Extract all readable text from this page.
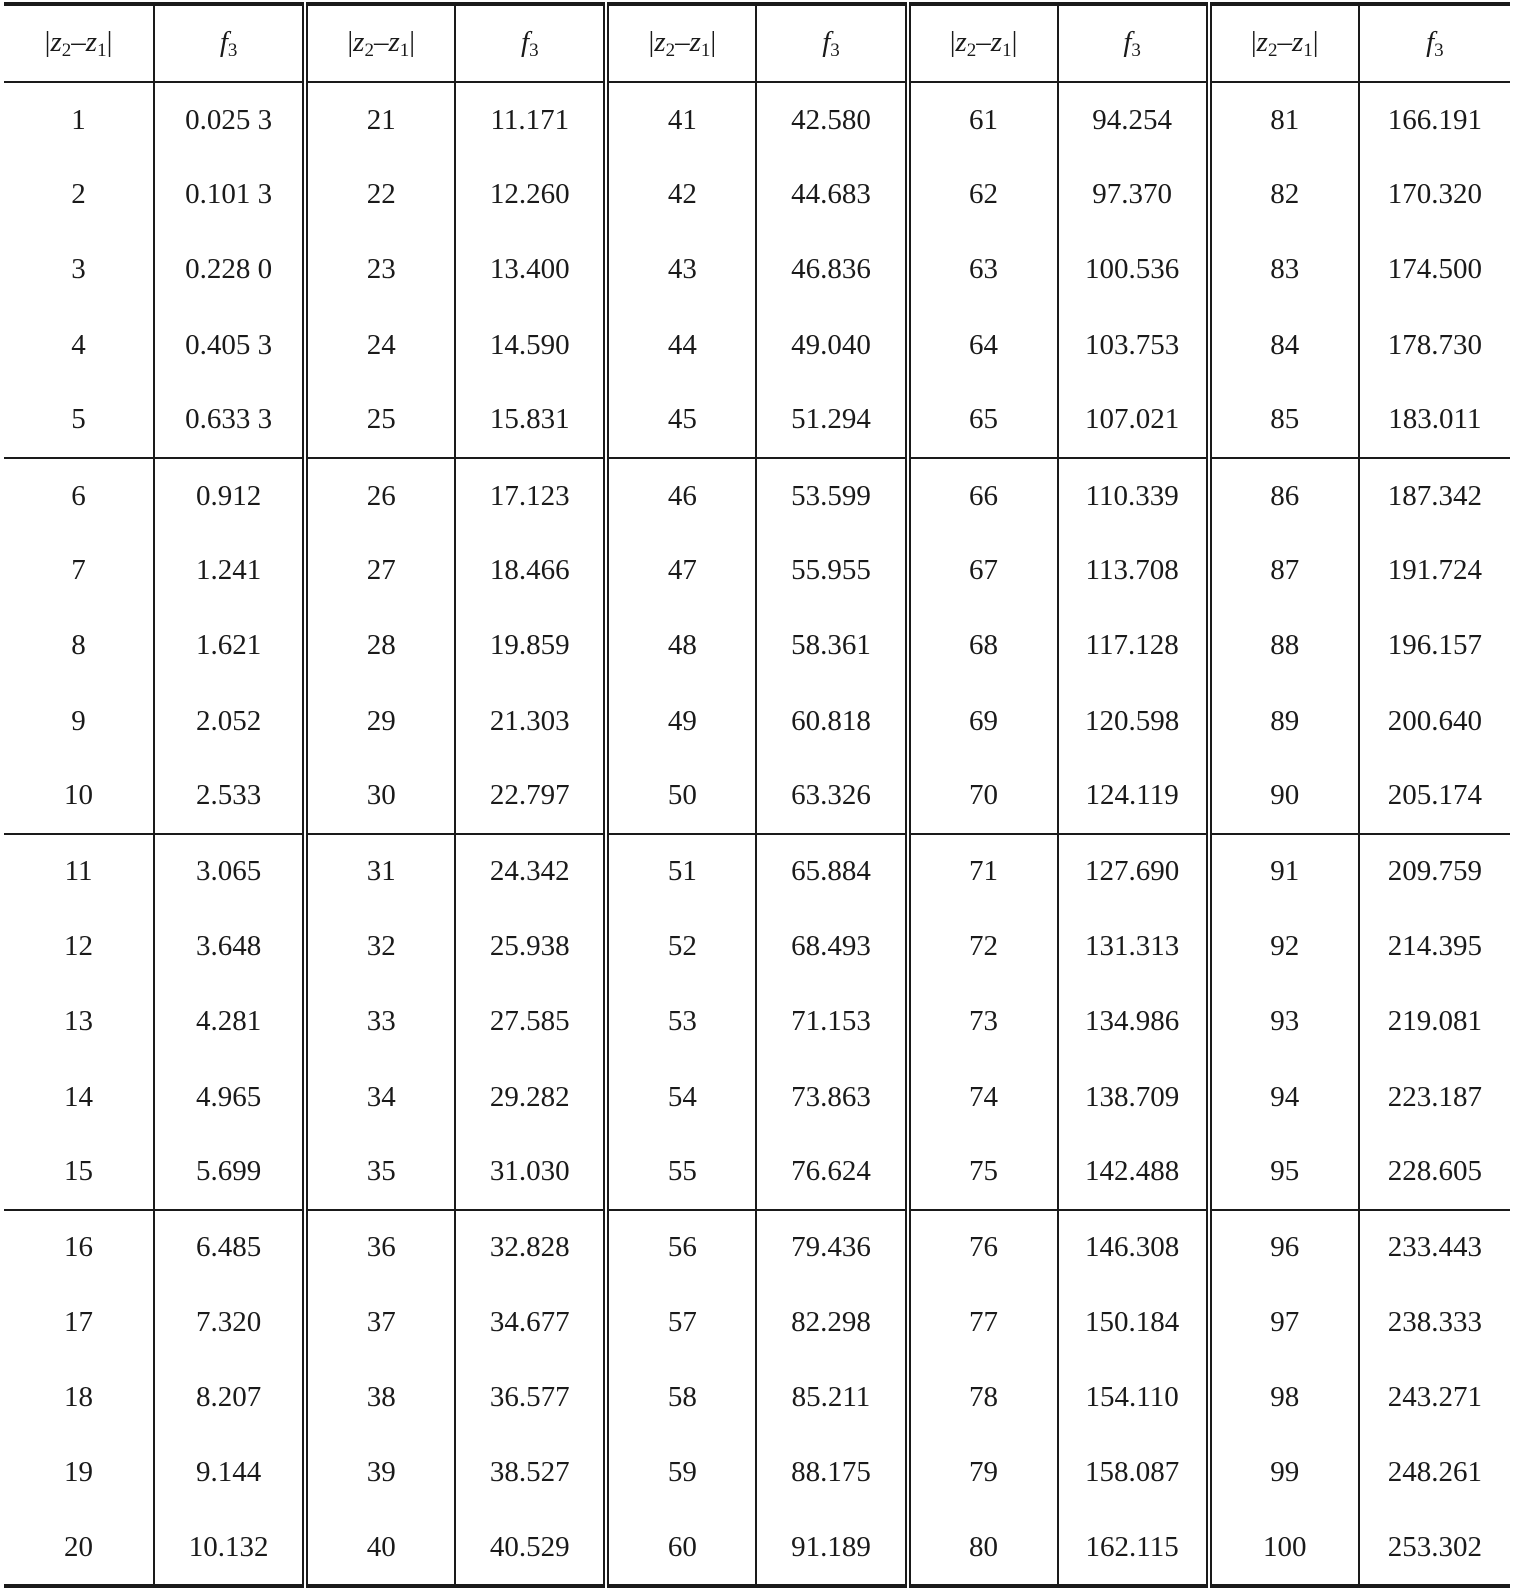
$|z_2-z_1|$	$f_3$	$|z_2-z_1|$	$f_3$	$|z_2-z_1|$	$f_3$	$|z_2-z_1|$	$f_3$	$|z_2-z_1|$	$f_3$
1	0.025 3	21	11.171	41	42.580	61	94.254	81	166.191
2	0.101 3	22	12.260	42	44.683	62	97.370	82	170.320
3	0.228 0	23	13.400	43	46.836	63	100.536	83	174.500
4	0.405 3	24	14.590	44	49.040	64	103.753	84	178.730
5	0.633 3	25	15.831	45	51.294	65	107.021	85	183.011
6	0.912	26	17.123	46	53.599	66	110.339	86	187.342
7	1.241	27	18.466	47	55.955	67	113.708	87	191.724
8	1.621	28	19.859	48	58.361	68	117.128	88	196.157
9	2.052	29	21.303	49	60.818	69	120.598	89	200.640
10	2.533	30	22.797	50	63.326	70	124.119	90	205.174
11	3.065	31	24.342	51	65.884	71	127.690	91	209.759
12	3.648	32	25.938	52	68.493	72	131.313	92	214.395
13	4.281	33	27.585	53	71.153	73	134.986	93	219.081
14	4.965	34	29.282	54	73.863	74	138.709	94	223.187
15	5.699	35	31.030	55	76.624	75	142.488	95	228.605
16	6.485	36	32.828	56	79.436	76	146.308	96	233.443
17	7.320	37	34.677	57	82.298	77	150.184	97	238.333
18	8.207	38	36.577	58	85.211	78	154.110	98	243.271
19	9.144	39	38.527	59	88.175	79	158.087	99	248.261
20	10.132	40	40.529	60	91.189	80	162.115	100	253.302
